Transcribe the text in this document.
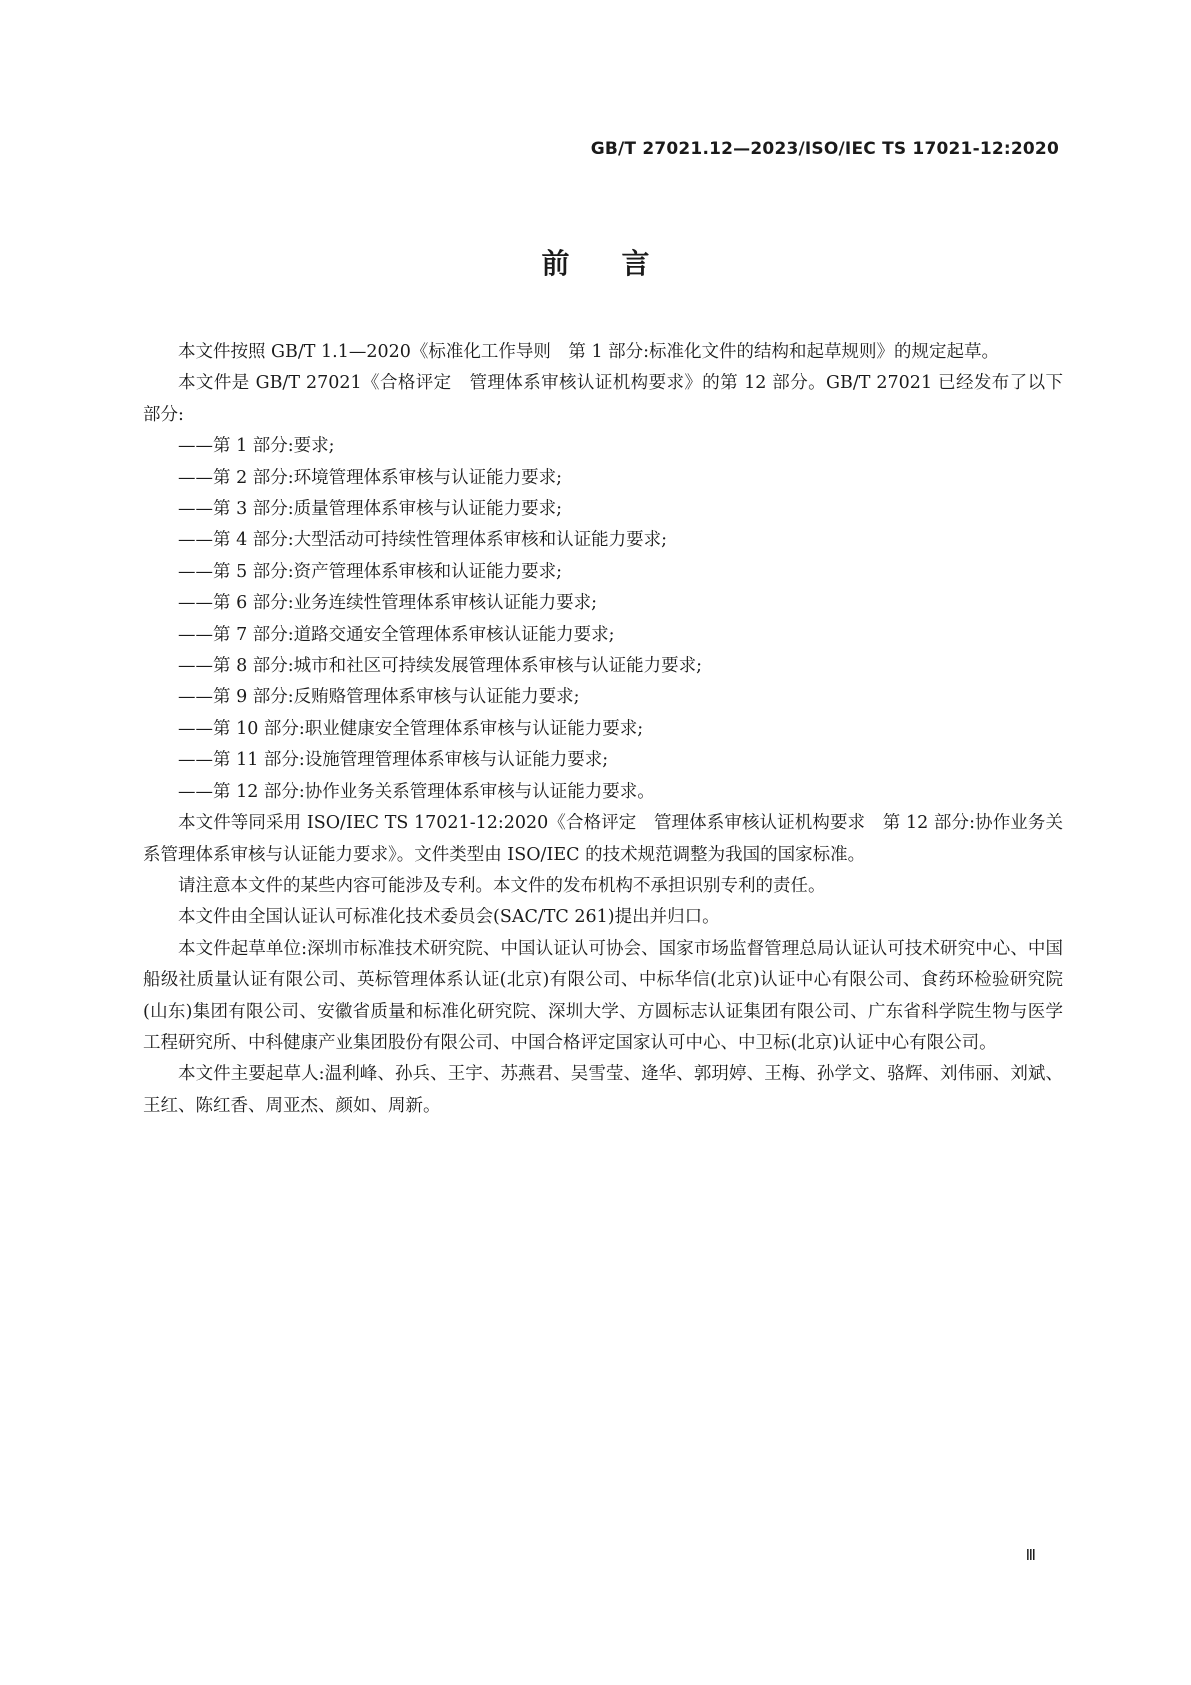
GB/T 27021.12—2023/ISO/IEC TS 17021-12:2020
前言

本文件按照 GB/T 1.1—2020《标准化工作导则　第 1 部分:标准化文件的结构和起草规则》的规定起草。

本文件是 GB/T 27021《合格评定　管理体系审核认证机构要求》的第 12 部分。GB/T 27021 已经发布了以下部分:

——第 1 部分:要求;
——第 2 部分:环境管理体系审核与认证能力要求;
——第 3 部分:质量管理体系审核与认证能力要求;
——第 4 部分:大型活动可持续性管理体系审核和认证能力要求;
——第 5 部分:资产管理体系审核和认证能力要求;
——第 6 部分:业务连续性管理体系审核认证能力要求;
——第 7 部分:道路交通安全管理体系审核认证能力要求;
——第 8 部分:城市和社区可持续发展管理体系审核与认证能力要求;
——第 9 部分:反贿赂管理体系审核与认证能力要求;
——第 10 部分:职业健康安全管理体系审核与认证能力要求;
——第 11 部分:设施管理管理体系审核与认证能力要求;
——第 12 部分:协作业务关系管理体系审核与认证能力要求。

本文件等同采用 ISO/IEC TS 17021-12:2020《合格评定　管理体系审核认证机构要求　第 12 部分:协作业务关系管理体系审核与认证能力要求》。文件类型由 ISO/IEC 的技术规范调整为我国的国家标准。

请注意本文件的某些内容可能涉及专利。本文件的发布机构不承担识别专利的责任。

本文件由全国认证认可标准化技术委员会(SAC/TC 261)提出并归口。

本文件起草单位:深圳市标准技术研究院、中国认证认可协会、国家市场监督管理总局认证认可技术研究中心、中国船级社质量认证有限公司、英标管理体系认证(北京)有限公司、中标华信(北京)认证中心有限公司、食药环检验研究院(山东)集团有限公司、安徽省质量和标准化研究院、深圳大学、方圆标志认证集团有限公司、广东省科学院生物与医学工程研究所、中科健康产业集团股份有限公司、中国合格评定国家认可中心、中卫标(北京)认证中心有限公司。

本文件主要起草人:温利峰、孙兵、王宇、苏燕君、吴雪莹、逄华、郭玥婷、王梅、孙学文、骆辉、刘伟丽、刘斌、王红、陈红香、周亚杰、颜如、周新。

Ⅲ
